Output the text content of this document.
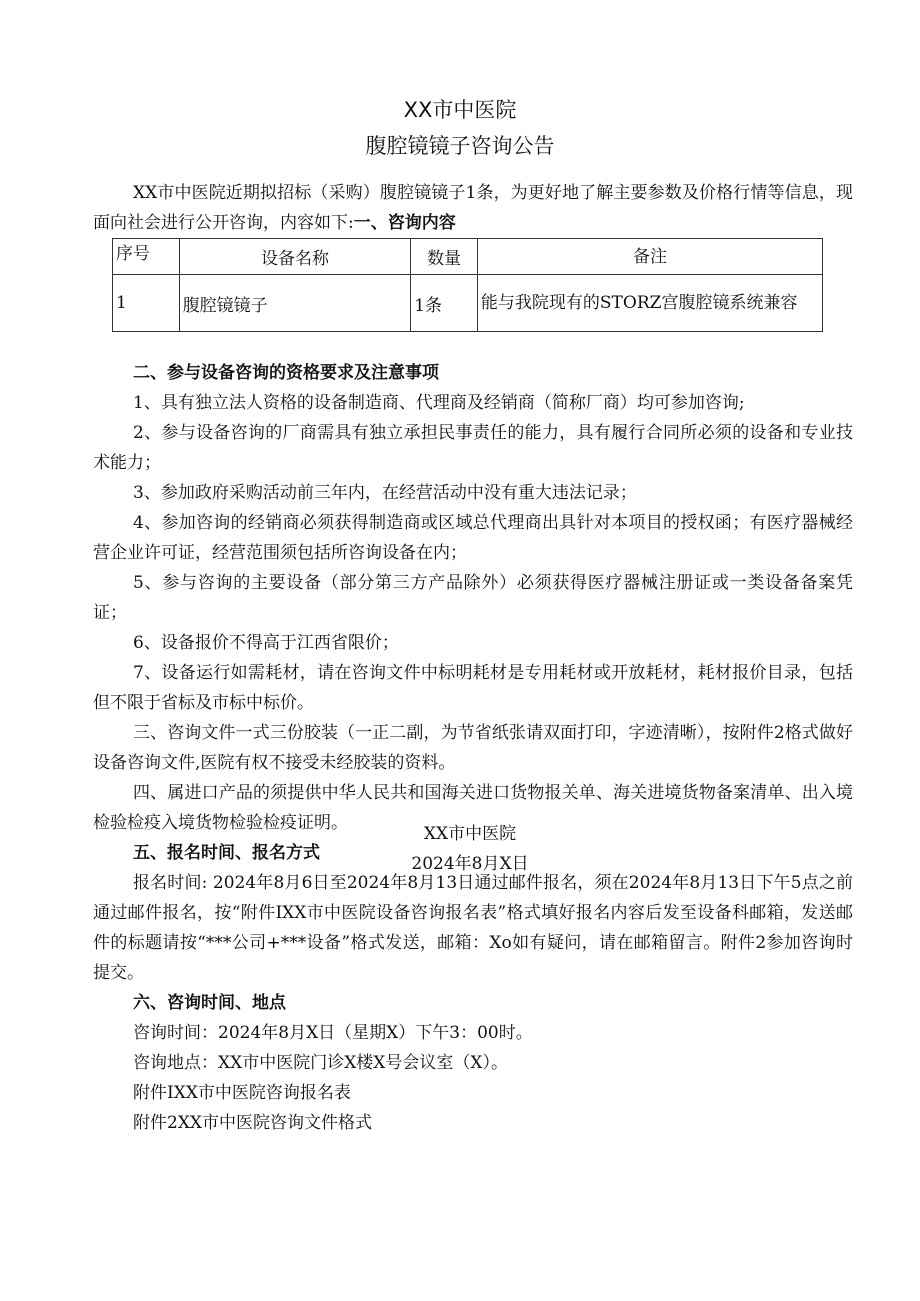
XX市中医院
腹腔镜镜子咨询公告

XX市中医院近期拟招标（采购）腹腔镜镜子1条，为更好地了解主要参数及价格行情等信息，现面向社会进行公开咨询，内容如下:一、咨询内容

序号	设备名称	数量	备注
1	腹腔镜镜子	1条	能与我院现有的STORZ宫腹腔镜系统兼容

二、参与设备咨询的资格要求及注意事项

1、具有独立法人资格的设备制造商、代理商及经销商（简称厂商）均可参加咨询;

2、参与设备咨询的厂商需具有独立承担民事责任的能力，具有履行合同所必须的设备和专业技术能力；

3、参加政府采购活动前三年内，在经营活动中没有重大违法记录；

4、参加咨询的经销商必须获得制造商或区域总代理商出具针对本项目的授权函；有医疗器械经营企业许可证，经营范围须包括所咨询设备在内；

5、参与咨询的主要设备（部分第三方产品除外）必须获得医疗器械注册证或一类设备备案凭证；

6、设备报价不得高于江西省限价；

7、设备运行如需耗材，请在咨询文件中标明耗材是专用耗材或开放耗材，耗材报价目录，包括但不限于省标及市标中标价。

三、咨询文件一式三份胶装（一正二副，为节省纸张请双面打印，字迹清晰），按附件2格式做好设备咨询文件,医院有权不接受未经胶装的资料。

四、属进口产品的须提供中华人民共和国海关进口货物报关单、海关进境货物备案清单、出入境检验检疫入境货物检验检疫证明。

五、报名时间、报名方式

报名时间: 2024年8月6日至2024年8月13日通过邮件报名，须在2024年8月13日下午5点之前通过邮件报名，按“附件IXX市中医院设备咨询报名表”格式填好报名内容后发至设备科邮箱，发送邮件的标题请按“***公司+***设备”格式发送，邮箱：Xo如有疑问，请在邮箱留言。附件2参加咨询时提交。

六、咨询时间、地点

咨询时间：2024年8月X日（星期X）下午3：00时。

咨询地点：XX市中医院门诊X楼X号会议室（X）。

附件IXX市中医院咨询报名表

附件2XX市中医院咨询文件格式

XX市中医院
2024年8月X日
